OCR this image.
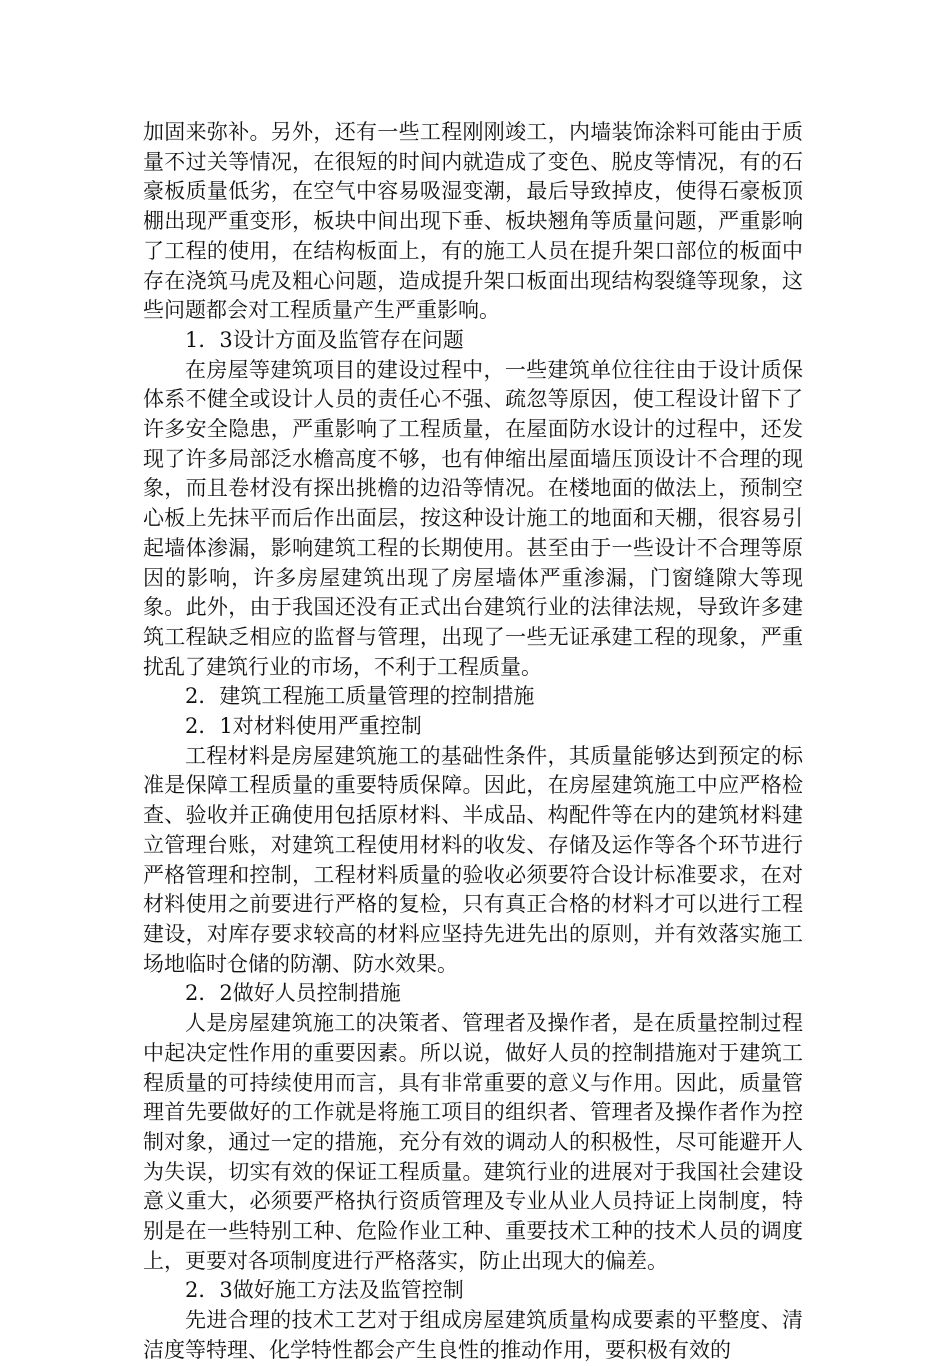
加固来弥补。另外，还有一些工程刚刚竣工，内墙装饰涂料可能由于质量不过关等情况，在很短的时间内就造成了变色、脱皮等情况，有的石豪板质量低劣，在空气中容易吸湿变潮，最后导致掉皮，使得石豪板顶棚出现严重变形，板块中间出现下垂、板块翘角等质量问题，严重影响了工程的使用，在结构板面上，有的施工人员在提升架口部位的板面中存在浇筑马虎及粗心问题，造成提升架口板面出现结构裂缝等现象，这些问题都会对工程质量产生严重影响。

1．3设计方面及监管存在问题

在房屋等建筑项目的建设过程中，一些建筑单位往往由于设计质保体系不健全或设计人员的责任心不强、疏忽等原因，使工程设计留下了许多安全隐患，严重影响了工程质量，在屋面防水设计的过程中，还发现了许多局部泛水檐高度不够，也有伸缩出屋面墙压顶设计不合理的现象，而且卷材没有探出挑檐的边沿等情况。在楼地面的做法上，预制空心板上先抹平而后作出面层，按这种设计施工的地面和天棚，很容易引起墙体渗漏，影响建筑工程的长期使用。甚至由于一些设计不合理等原因的影响，许多房屋建筑出现了房屋墙体严重渗漏，门窗缝隙大等现象。此外，由于我国还没有正式出台建筑行业的法律法规，导致许多建筑工程缺乏相应的监督与管理，出现了一些无证承建工程的现象，严重扰乱了建筑行业的市场，不利于工程质量。

2．建筑工程施工质量管理的控制措施

2．1对材料使用严重控制

工程材料是房屋建筑施工的基础性条件，其质量能够达到预定的标准是保障工程质量的重要特质保障。因此，在房屋建筑施工中应严格检查、验收并正确使用包括原材料、半成品、构配件等在内的建筑材料建立管理台账，对建筑工程使用材料的收发、存储及运作等各个环节进行严格管理和控制，工程材料质量的验收必须要符合设计标准要求，在对材料使用之前要进行严格的复检，只有真正合格的材料才可以进行工程建设，对库存要求较高的材料应坚持先进先出的原则，并有效落实施工场地临时仓储的防潮、防水效果。

2．2做好人员控制措施

人是房屋建筑施工的决策者、管理者及操作者，是在质量控制过程中起决定性作用的重要因素。所以说，做好人员的控制措施对于建筑工程质量的可持续使用而言，具有非常重要的意义与作用。因此，质量管理首先要做好的工作就是将施工项目的组织者、管理者及操作者作为控制对象，通过一定的措施，充分有效的调动人的积极性，尽可能避开人为失误，切实有效的保证工程质量。建筑行业的进展对于我国社会建设意义重大，必须要严格执行资质管理及专业从业人员持证上岗制度，特别是在一些特别工种、危险作业工种、重要技术工种的技术人员的调度上，更要对各项制度进行严格落实，防止出现大的偏差。

2．3做好施工方法及监管控制

先进合理的技术工艺对于组成房屋建筑质量构成要素的平整度、清洁度等特理、化学特性都会产生良性的推动作用，要积极有效的
